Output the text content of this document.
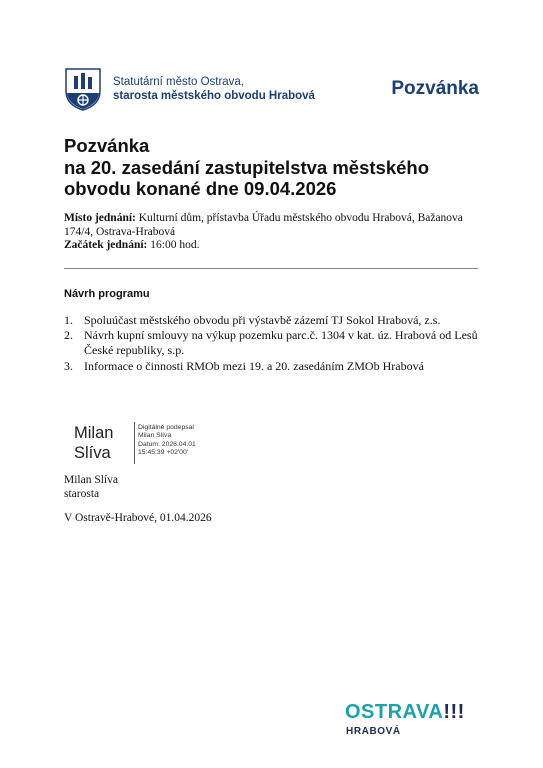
Statutární město Ostrava,
starosta městského obvodu Hrabová	Pozvánka
Pozvánka
na 20. zasedání zastupitelstva městského
obvodu konané dne 09.04.2026
Místo jednání: Kulturní dům, přístavba Úřadu městského obvodu Hrabová, Bažanova 174/4, Ostrava-Hrabová
Začátek jednání: 16:00 hod.
Návrh programu
1. Spoluúčast městského obvodu při výstavbě zázemí TJ Sokol Hrabová, z.s.
2. Návrh kupní smlouvy na výkup pozemku parc.č. 1304 v kat. úz. Hrabová od Lesů České republiky, s.p.
3. Informace o činnosti RMOb mezi 19. a 20. zasedáním ZMOb Hrabová
Milan
Slíva
Digitálně podepsal
Milan Slíva
Datum: 2026.04.01
15:45:39 +02'00'
Milan Slíva
starosta
V Ostravě-Hrabové, 01.04.2026
OSTRAVA!!!
HRABOVÁ
